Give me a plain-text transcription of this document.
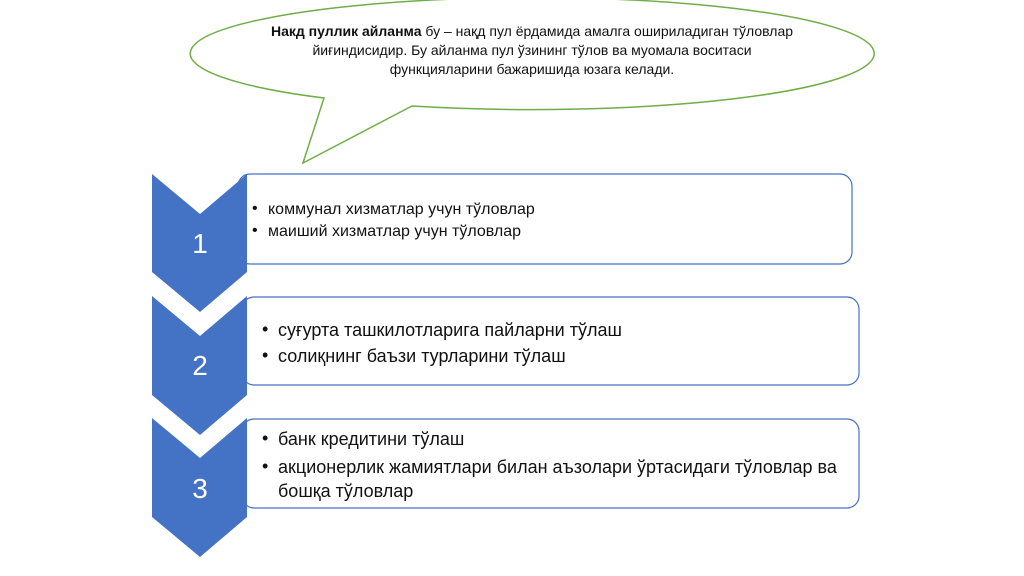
Накд пуллик айланма бу – нақд пул ёрдамида амалга ошириладиган тўловлар йиғиндисидир. Бу айланма пул ўзининг тўлов ва муомала воситаси функцияларини бажаришида юзага келади.
1
2
3
• коммунал хизматлар учун тўловлар
• маиший хизматлар учун тўловлар
• суғурта ташкилотларига пайларни тўлаш
• солиқнинг баъзи турларини тўлаш
• банк кредитини тўлаш
• акционерлик жамиятлари билан аъзолари ўртасидаги тўловлар ва бошқа тўловлар
